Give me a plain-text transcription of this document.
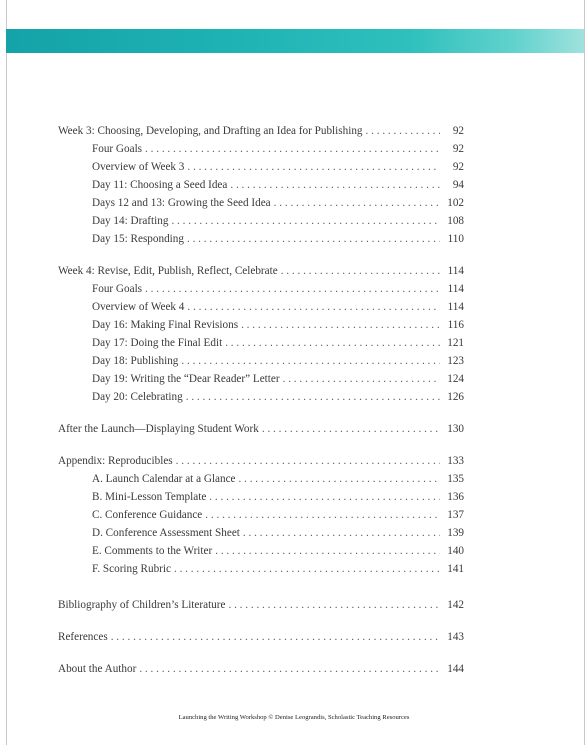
Week 3: Choosing, Developing, and Drafting an Idea for Publishing . . .	92
Four Goals . . .	92
Overview of Week 3 . . .	92
Day 11: Choosing a Seed Idea . . .	94
Days 12 and 13: Growing the Seed Idea . . .	102
Day 14: Drafting . . .	108
Day 15: Responding . . .	110
Week 4: Revise, Edit, Publish, Reflect, Celebrate . . .	114
Four Goals . . .	114
Overview of Week 4 . . .	114
Day 16: Making Final Revisions . . .	116
Day 17: Doing the Final Edit . . .	121
Day 18: Publishing . . .	123
Day 19: Writing the “Dear Reader” Letter . . .	124
Day 20: Celebrating . . .	126
After the Launch—Displaying Student Work . . .	130
Appendix: Reproducibles . . .	133
A. Launch Calendar at a Glance . . .	135
B. Mini-Lesson Template . . .	136
C. Conference Guidance . . .	137
D. Conference Assessment Sheet . . .	139
E. Comments to the Writer . . .	140
F. Scoring Rubric . . .	141
Bibliography of Children’s Literature . . .	142
References . . .	143
About the Author . . .	144
Launching the Writing Workshop © Denise Leograndis, Scholastic Teaching Resources
